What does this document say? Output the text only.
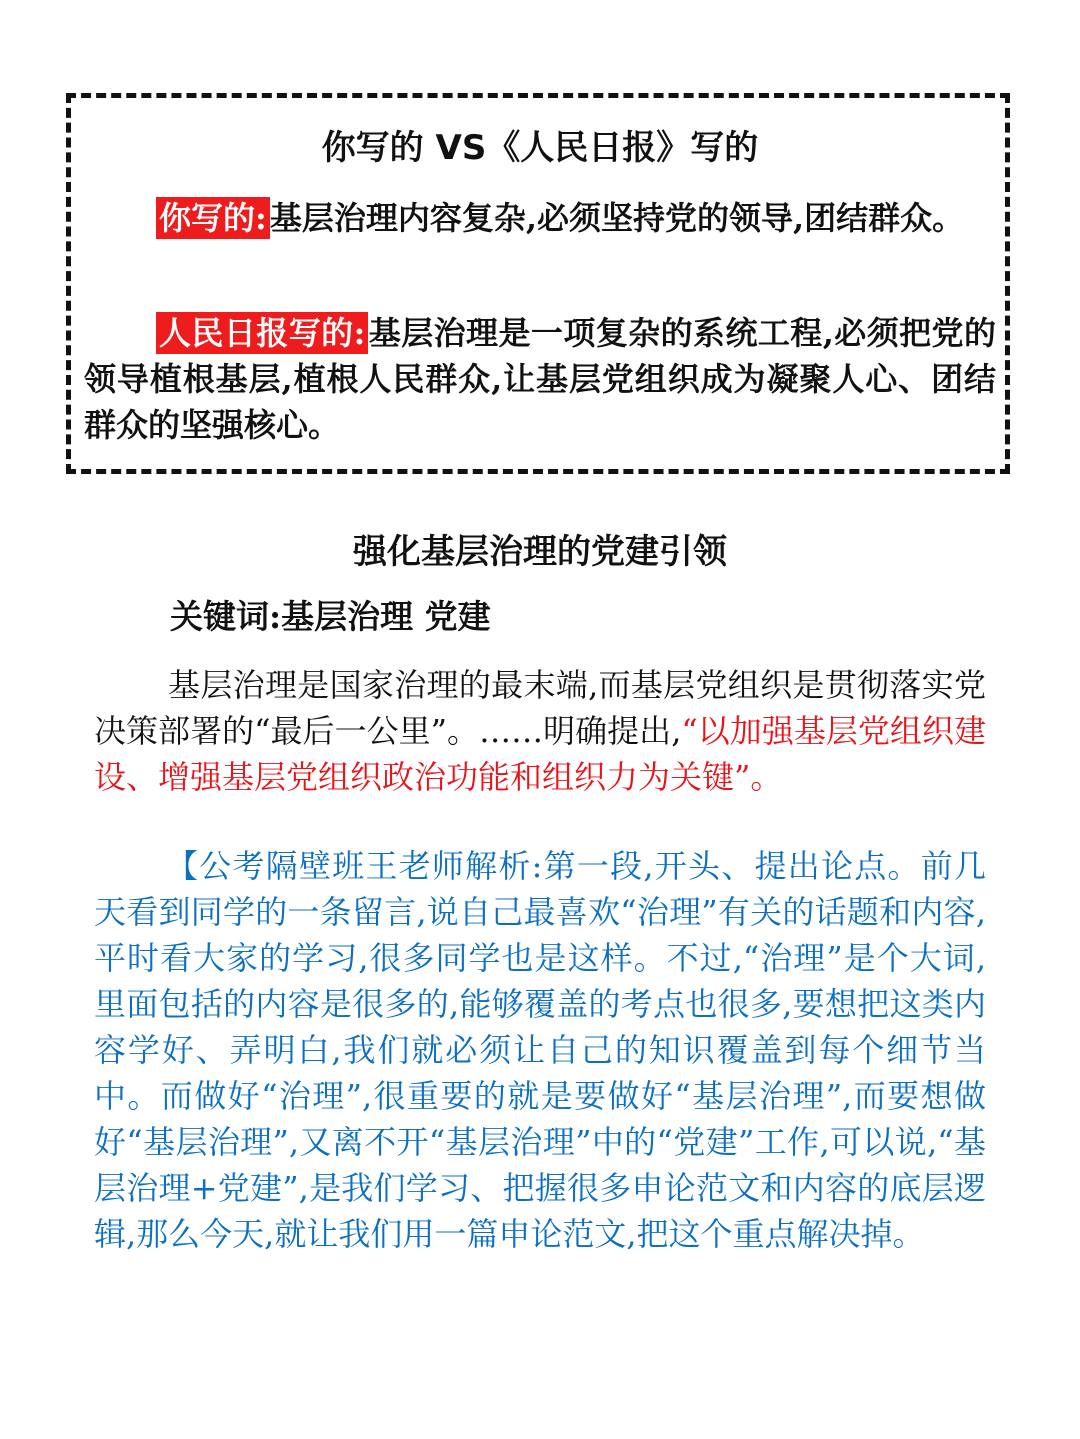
你写的 VS《人民日报》写的

你写的:基层治理内容复杂,必须坚持党的领导,团结群众。

人民日报写的:基层治理是一项复杂的系统工程,必须把党的领导植根基层,植根人民群众,让基层党组织成为凝聚人心、团结群众的坚强核心。

强化基层治理的党建引领

关键词:基层治理 党建

基层治理是国家治理的最末端,而基层党组织是贯彻落实党决策部署的“最后一公里”。……明确提出,“以加强基层党组织建设、增强基层党组织政治功能和组织力为关键”。

【公考隔壁班王老师解析:第一段,开头、提出论点。前几天看到同学的一条留言,说自己最喜欢“治理”有关的话题和内容,平时看大家的学习,很多同学也是这样。不过,“治理”是个大词,里面包括的内容是很多的,能够覆盖的考点也很多,要想把这类内容学好、弄明白,我们就必须让自己的知识覆盖到每个细节当中。而做好“治理”,很重要的就是要做好“基层治理”,而要想做好“基层治理”,又离不开“基层治理”中的“党建”工作,可以说,“基层治理+党建”,是我们学习、把握很多申论范文和内容的底层逻辑,那么今天,就让我们用一篇申论范文,把这个重点解决掉。
